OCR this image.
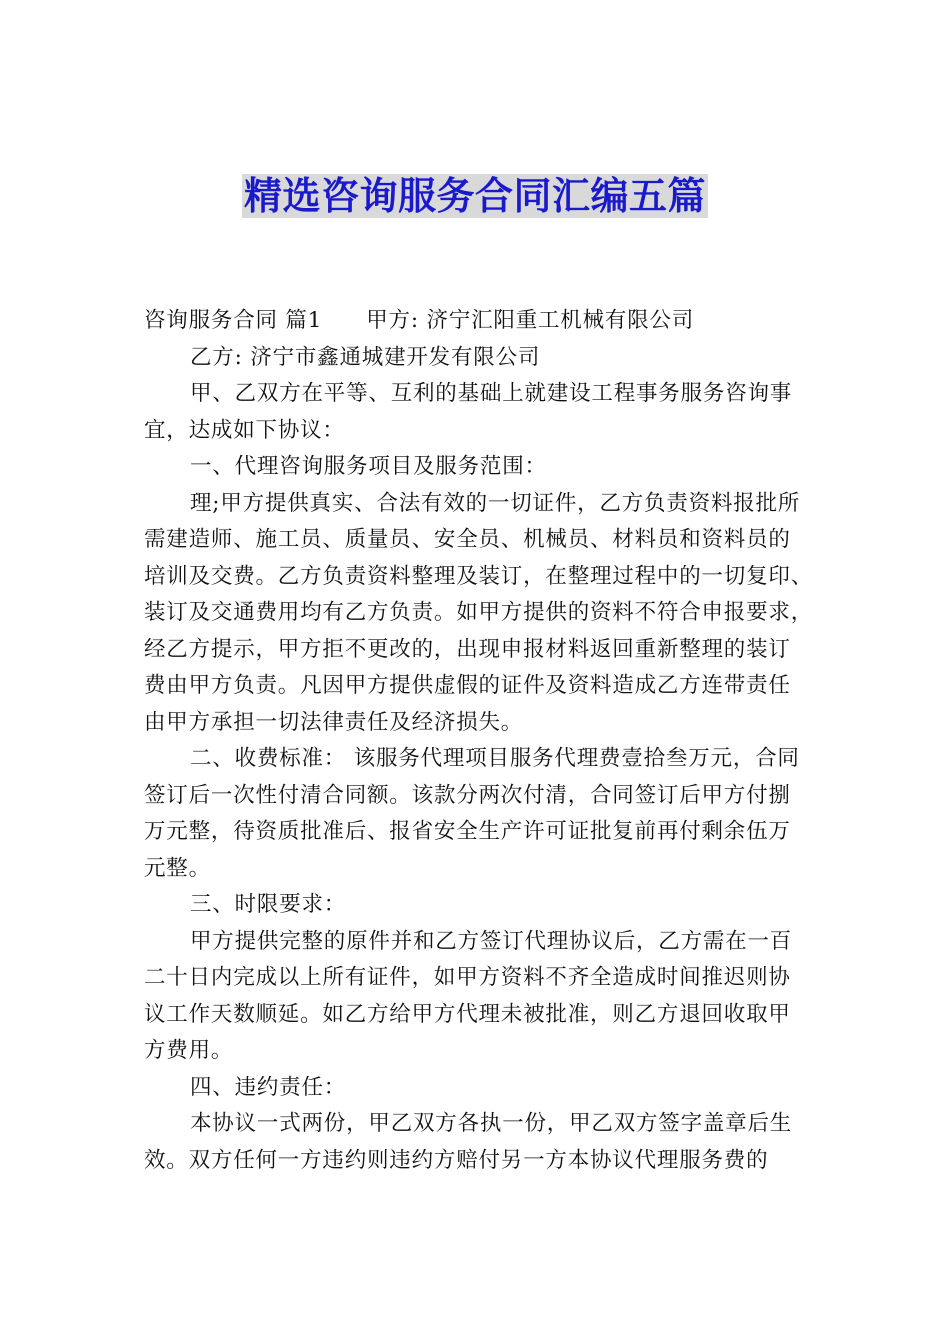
精选咨询服务合同汇编五篇
咨询服务合同 篇1 甲方: 济宁汇阳重工机械有限公司
乙方: 济宁市鑫通城建开发有限公司
甲、乙双方在平等、互利的基础上就建设工程事务服务咨询事
宜，达成如下协议：
一、代理咨询服务项目及服务范围：
理;甲方提供真实、合法有效的一切证件，乙方负责资料报批所
需建造师、施工员、质量员、安全员、机械员、材料员和资料员的
培训及交费。乙方负责资料整理及装订，在整理过程中的一切复印、
装订及交通费用均有乙方负责。如甲方提供的资料不符合申报要求，
经乙方提示，甲方拒不更改的，出现申报材料返回重新整理的装订
费由甲方负责。凡因甲方提供虚假的证件及资料造成乙方连带责任
由甲方承担一切法律责任及经济损失。
二、收费标准： 该服务代理项目服务代理费壹拾叁万元，合同
签订后一次性付清合同额。该款分两次付清，合同签订后甲方付捌
万元整，待资质批准后、报省安全生产许可证批复前再付剩余伍万
元整。
三、时限要求：
甲方提供完整的原件并和乙方签订代理协议后，乙方需在一百
二十日内完成以上所有证件，如甲方资料不齐全造成时间推迟则协
议工作天数顺延。如乙方给甲方代理未被批准，则乙方退回收取甲
方费用。
四、违约责任：
本协议一式两份，甲乙双方各执一份，甲乙双方签字盖章后生
效。双方任何一方违约则违约方赔付另一方本协议代理服务费的
